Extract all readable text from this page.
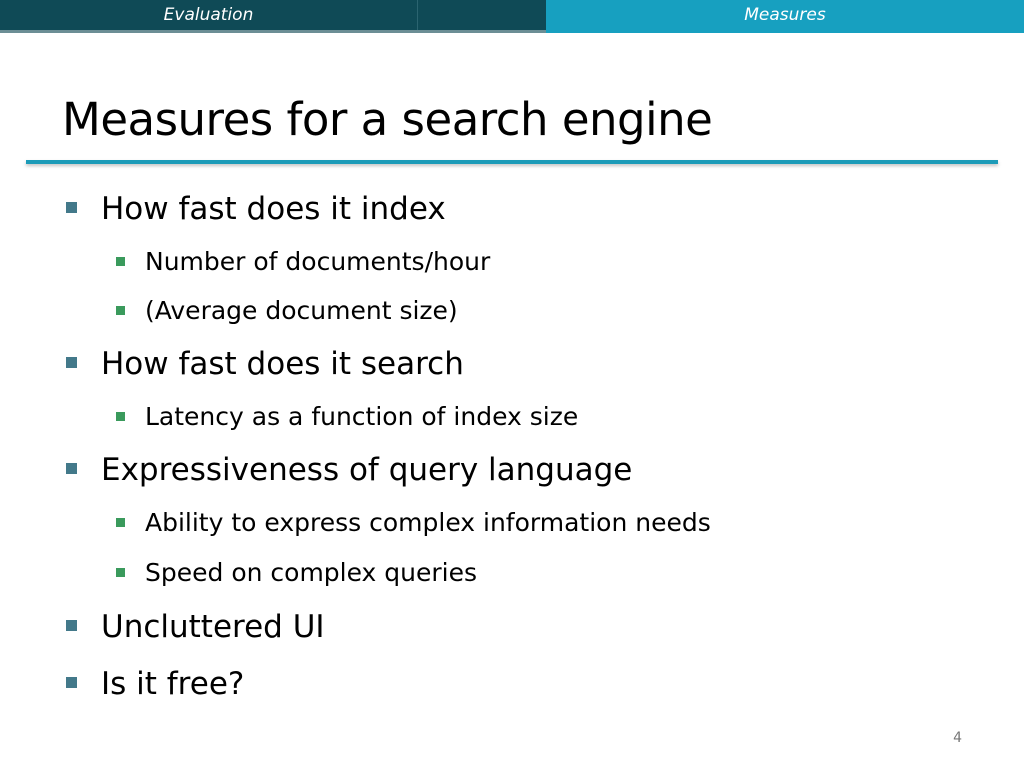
Evaluation	Measures
Measures for a search engine
How fast does it index
Number of documents/hour
(Average document size)
How fast does it search
Latency as a function of index size
Expressiveness of query language
Ability to express complex information needs
Speed on complex queries
Uncluttered UI
Is it free?
4
